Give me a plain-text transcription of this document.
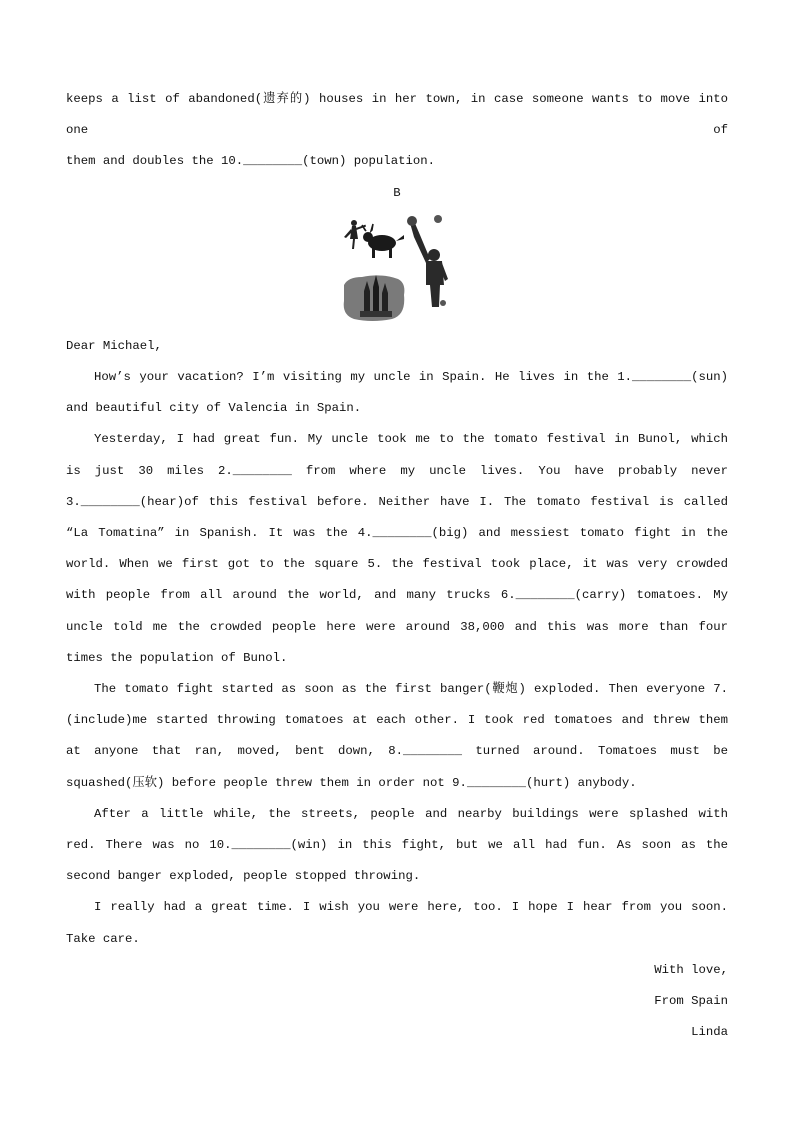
keeps a list of abandoned(遗弃的) houses in her town, in case someone wants to move into one of

them and doubles the 10.________(town) population.

B

Dear Michael,

How’s your vacation? I’m visiting my uncle in Spain. He lives in the 1.________(sun) and beautiful city of Valencia in Spain.

Yesterday, I had great fun. My uncle took me to the tomato festival in Bunol, which is just 30 miles 2.________ from where my uncle lives. You have probably never 3.________(hear)of this festival before. Neither have I. The tomato festival is called “La Tomatina” in Spanish. It was the 4.________(big) and messiest tomato fight in the world. When we first got to the square 5. the festival took place, it was very crowded with people from all around the world, and many trucks 6.________(carry) tomatoes. My uncle told me the crowded people here were around 38,000 and this was more than four times the population of Bunol.

The tomato fight started as soon as the first banger(鞭炮) exploded. Then everyone 7.(include)me started throwing tomatoes at each other. I took red tomatoes and threw them at anyone that ran, moved, bent down, 8.________ turned around. Tomatoes must be squashed(压软) before people threw them in order not 9.________(hurt) anybody.

After a little while, the streets, people and nearby buildings were splashed with red. There was no 10.________(win) in this fight, but we all had fun. As soon as the second banger exploded, people stopped throwing.

I really had a great time. I wish you were here, too. I hope I hear from you soon. Take care.

With love,

From Spain

Linda
